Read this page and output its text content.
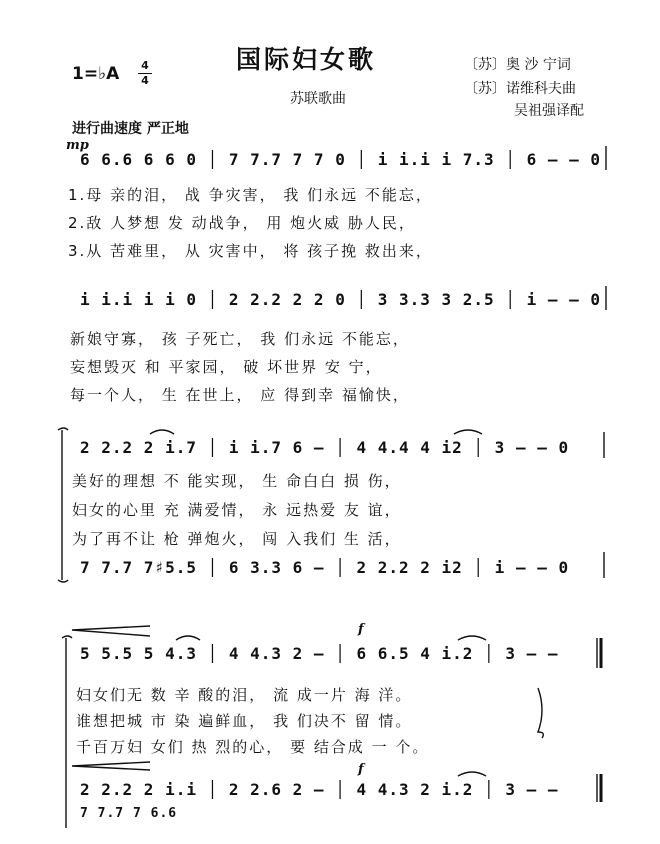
国际妇女歌
苏联歌曲
〔苏〕奥 沙 宁词
〔苏〕诺维科夫曲
吴祖强译配
1=♭A 4
4
进行曲速度 严正地
mp
6 6.6 6 6 0 │ 7 7.7 7 7 0 │ i i.i i 7.3 │ 6 – – 0
1.母 亲的泪， 战 争灾害， 我 们永远 不能忘，
2.敌 人梦想 发 动战争， 用 炮火威 胁人民，
3.从 苦难里， 从 灾害中， 将 孩子挽 救出来，
i i.i i i 0 │ 2 2.2 2 2 0 │ 3 3.3 3 2.5 │ i – – 0
新娘守寡， 孩 子死亡， 我 们永远 不能忘，
妄想毁灭 和 平家园， 破 坏世界 安 宁，
每一个人， 生 在世上， 应 得到幸 福愉快，
2 2.2 2 i.7 │ i i.7 6 – │ 4 4.4 4 i2 │ 3 – – 0
美好的理想 不 能实现， 生 命白白 损 伤，
妇女的心里 充 满爱情， 永 远热爱 友 谊，
为了再不让 枪 弹炮火， 闯 入我们 生 活，
7 7.7 7♯5.5 │ 6 3.3 6 – │ 2 2.2 2 i2 │ i – – 0
f
5 5.5 5 4.3 │ 4 4.3 2 – │ 6 6.5 4 i.2 │ 3 – –
妇女们无 数 辛 酸的泪， 流 成一片 海 洋。
谁想把城 市 染 遍鲜血， 我 们决不 留 情。
千百万妇 女们 热 烈的心， 要 结合成 一 个。
f
2 2.2 2 i.i │ 2 2.6 2 – │ 4 4.3 2 i.2 │ 3 – –
7 7.7 7 6.6
